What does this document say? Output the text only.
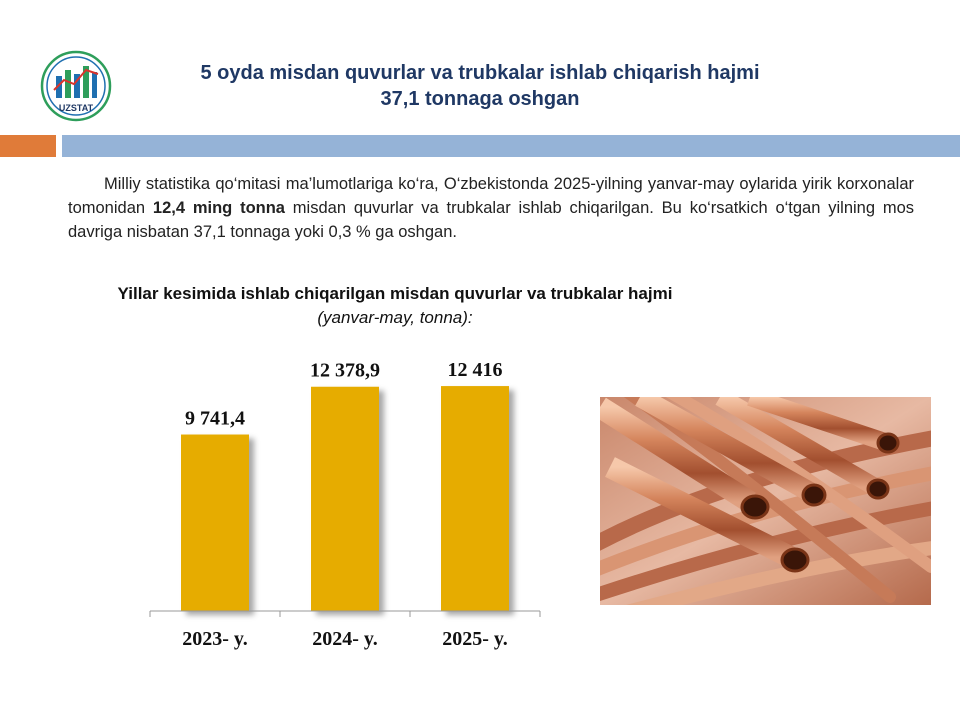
UZSTAT
5 oyda misdan quvurlar va trubkalar ishlab chiqarish hajmi
37,1 tonnaga oshgan
Milliy statistika qo‘mitasi ma’lumotlariga ko‘ra, O‘zbekistonda 2025-yilning yanvar-may oylarida yirik korxonalar tomonidan 12,4 ming tonna misdan quvurlar va trubkalar ishlab chiqarilgan. Bu ko‘rsatkich o‘tgan yilning mos davriga nisbatan 37,1 tonnaga yoki 0,3 % ga oshgan.
Yillar kesimida ishlab chiqarilgan misdan quvurlar va trubkalar hajmi (yanvar-may, tonna):
9 741,4
2023- y.
12 378,9
2024- y.
12 416
2025- y.
